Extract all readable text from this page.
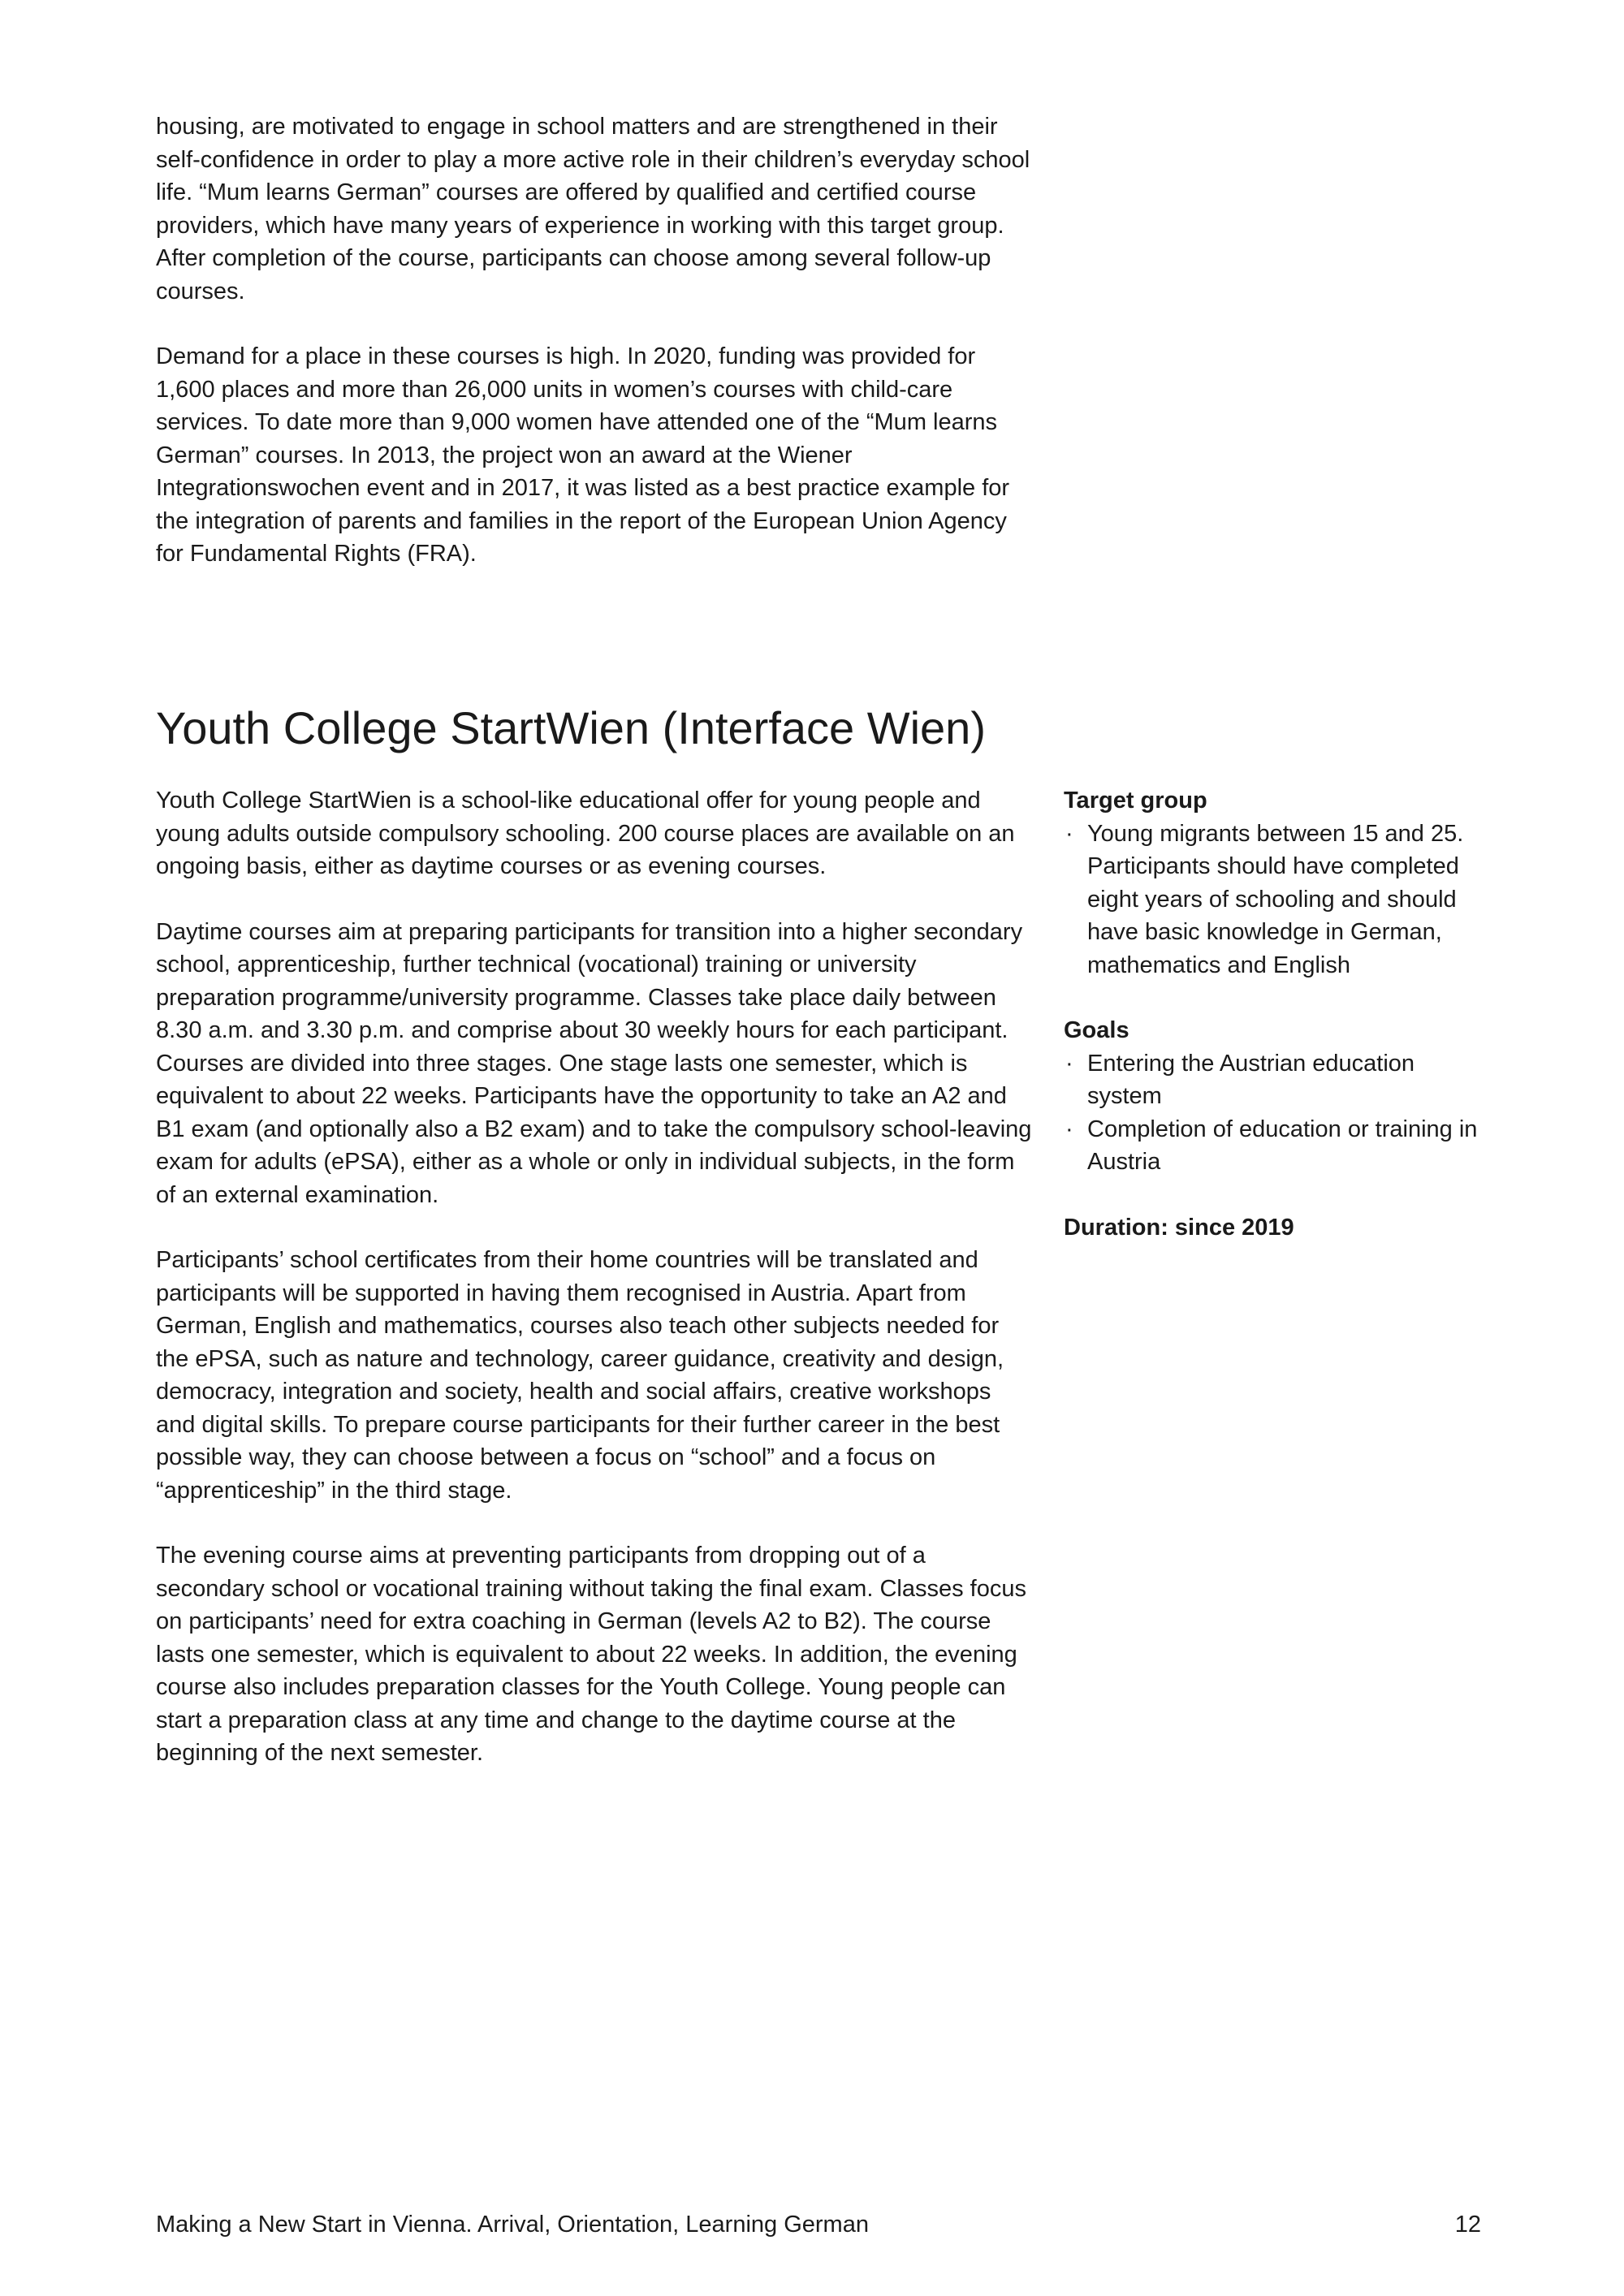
housing, are motivated to engage in school matters and are strengthened in their self-confidence in order to play a more active role in their children’s everyday school life. “Mum learns German” courses are offered by qualified and certified course providers, which have many years of experience in working with this target group. After completion of the course, participants can choose among several follow-up courses.

Demand for a place in these courses is high. In 2020, funding was provided for 1,600 places and more than 26,000 units in women’s courses with child-care services. To date more than 9,000 women have attended one of the “Mum learns German” courses. In 2013, the project won an award at the Wiener Integrationswochen event and in 2017, it was listed as a best practice example for the integration of parents and families in the report of the European Union Agency for Fundamental Rights (FRA).

Youth College StartWien (Interface Wien)

Youth College StartWien is a school-like educational offer for young people and young adults outside compulsory schooling. 200 course places are available on an ongoing basis, either as daytime courses or as evening courses.

Daytime courses aim at preparing participants for transition into a higher secondary school, apprenticeship, further technical (vocational) training or university preparation programme/university programme. Classes take place daily between 8.30 a.m. and 3.30 p.m. and comprise about 30 weekly hours for each participant. Courses are divided into three stages. One stage lasts one semester, which is equivalent to about 22 weeks. Participants have the opportunity to take an A2 and B1 exam (and optionally also a B2 exam) and to take the compulsory school-leaving exam for adults (ePSA), either as a whole or only in individual subjects, in the form of an external examination.

Participants’ school certificates from their home countries will be translated and participants will be supported in having them recognised in Austria. Apart from German, English and mathematics, courses also teach other subjects needed for the ePSA, such as nature and technology, career guidance, creativity and design, democracy, integration and society, health and social affairs, creative workshops and digital skills. To prepare course participants for their further career in the best possible way, they can choose between a focus on “school” and a focus on “apprenticeship” in the third stage.

The evening course aims at preventing participants from dropping out of a secondary school or vocational training without taking the final exam. Classes focus on participants’ need for extra coaching in German (levels A2 to B2). The course lasts one semester, which is equivalent to about 22 weeks. In addition, the evening course also includes preparation classes for the Youth College. Young people can start a preparation class at any time and change to the daytime course at the beginning of the next semester.

Target group
· Young migrants between 15 and 25. Participants should have completed eight years of schooling and should have basic knowledge in German, mathematics and English
Goals
· Entering the Austrian education system
· Completion of education or training in Austria

Duration: since 2019

Making a New Start in Vienna. Arrival, Orientation, Learning German	12
